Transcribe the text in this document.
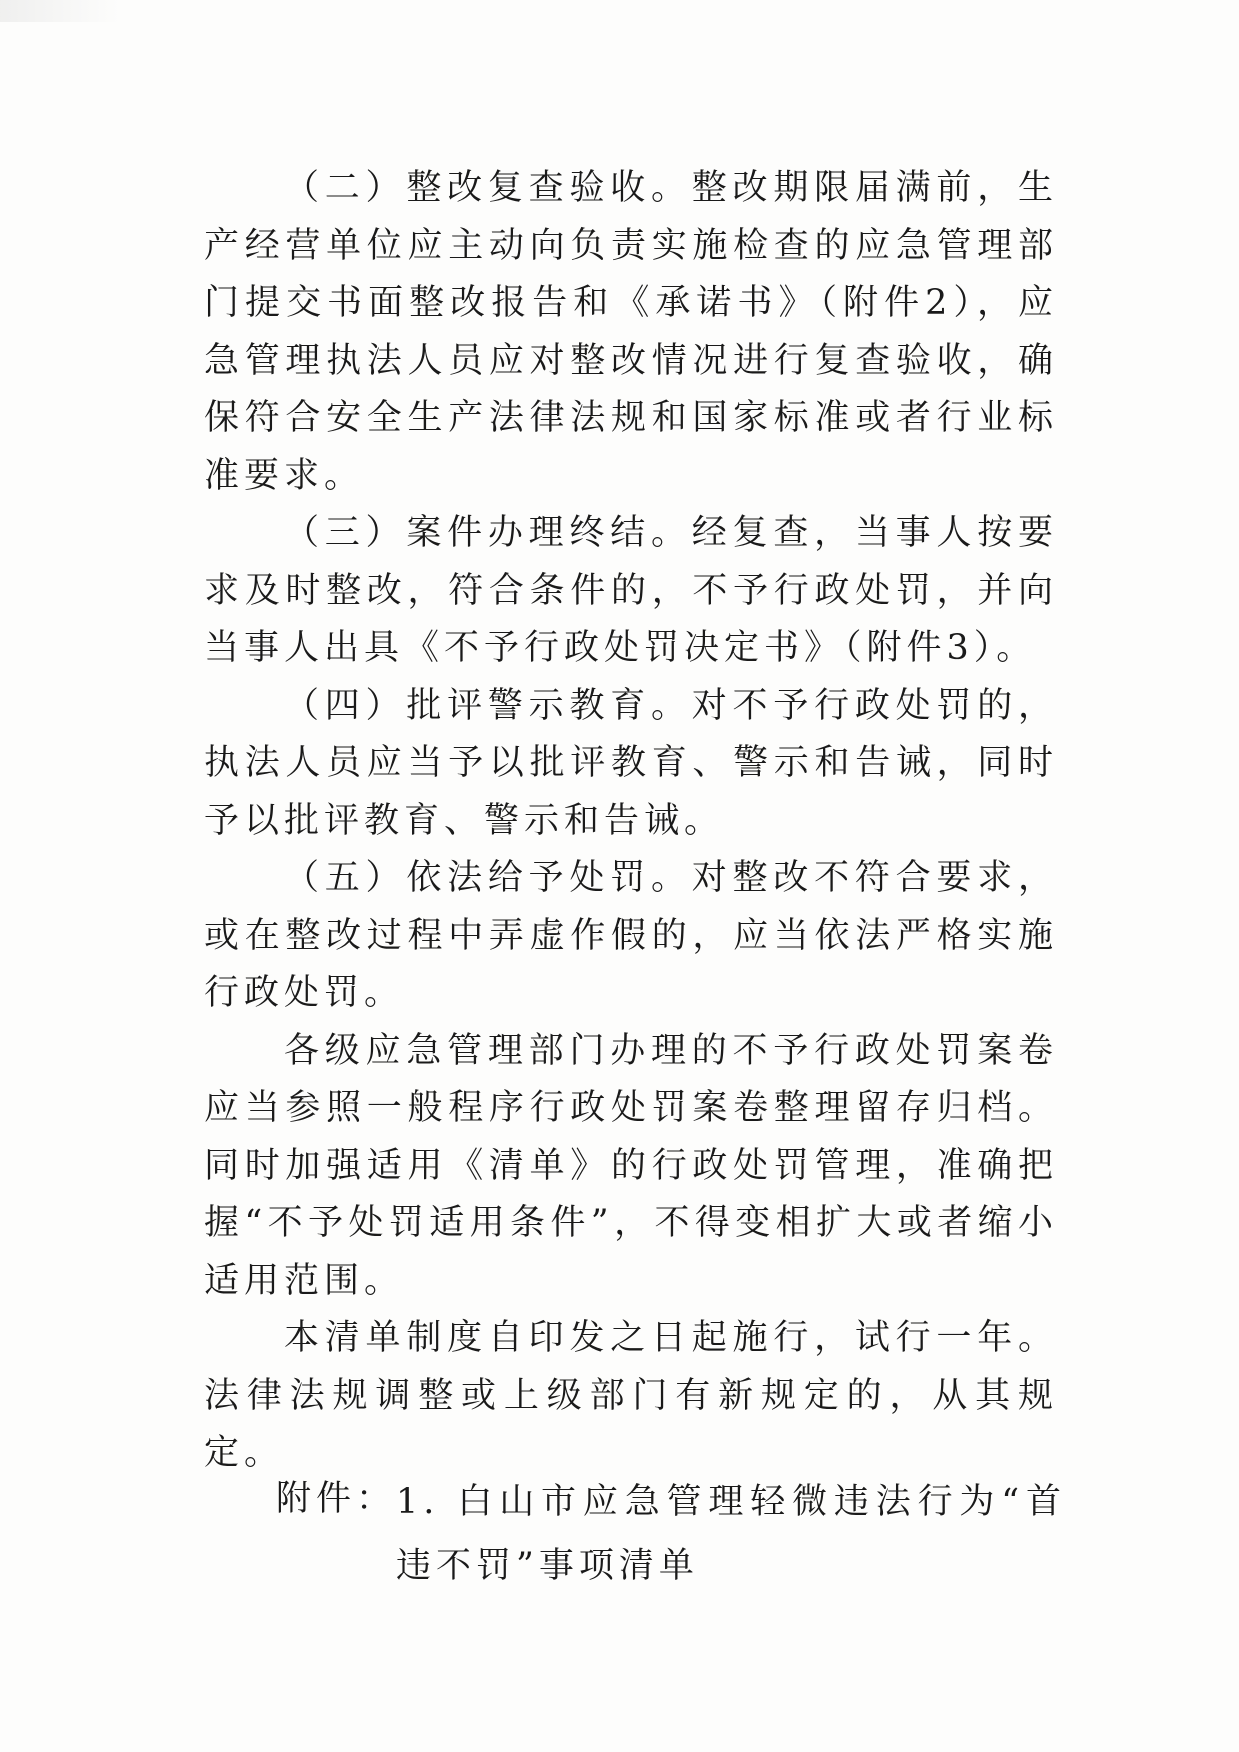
（二）整改复查验收。整改期限届满前，生产经营单位应主动向负责实施检查的应急管理部门提交书面整改报告和《承诺书》（附件2），应急管理执法人员应对整改情况进行复查验收，确保符合安全生产法律法规和国家标准或者行业标准要求。

（三）案件办理终结。经复查，当事人按要求及时整改，符合条件的，不予行政处罚，并向当事人出具《不予行政处罚决定书》（附件3）。

（四）批评警示教育。对不予行政处罚的，执法人员应当予以批评教育、警示和告诫，同时予以批评教育、警示和告诫。

（五）依法给予处罚。对整改不符合要求，或在整改过程中弄虚作假的，应当依法严格实施行政处罚。

各级应急管理部门办理的不予行政处罚案卷应当参照一般程序行政处罚案卷整理留存归档。同时加强适用《清单》的行政处罚管理，准确把握“不予处罚适用条件”，不得变相扩大或者缩小适用范围。

本清单制度自印发之日起施行，试行一年。法律法规调整或上级部门有新规定的，从其规定。

附件： 1. 白山市应急管理轻微违法行为“首违不罚”事项清单
